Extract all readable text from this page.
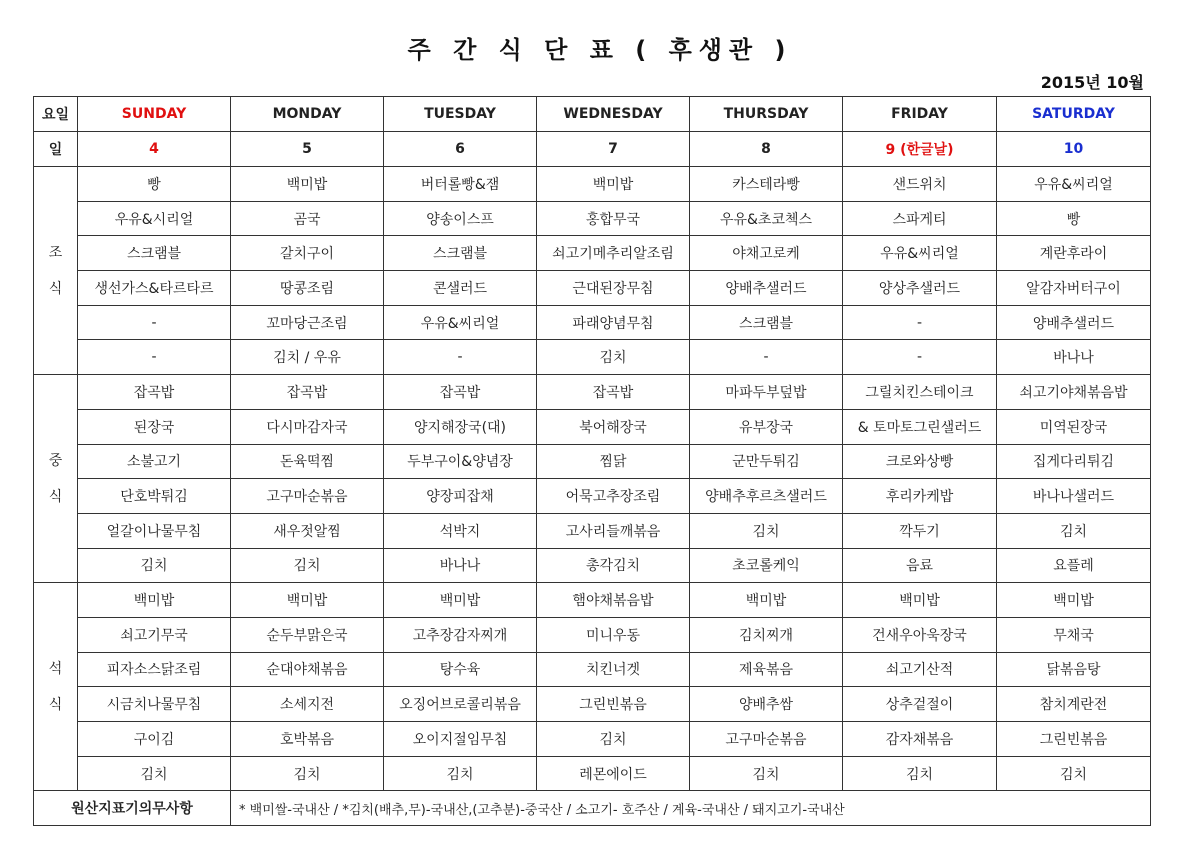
주 간 식 단 표 ( 후생관 )
2015년 10월
요일	SUNDAY	MONDAY	TUESDAY	WEDNESDAY	THURSDAY	FRIDAY	SATURDAY
일	4	5	6	7	8	9 (한글날)	10

조
식	빵	백미밥	버터롤빵&잼	백미밥	카스테라빵	샌드위치	우유&씨리얼
	우유&시리얼	곰국	양송이스프	홍합무국	우유&초코첵스	스파게티	빵
	스크램블	갈치구이	스크램블	쇠고기메추리알조림	야채고로케	우유&씨리얼	계란후라이
	생선가스&타르타르	땅콩조림	콘샐러드	근대된장무침	양배추샐러드	양상추샐러드	알감자버터구이
	-	꼬마당근조림	우유&씨리얼	파래양념무침	스크램블	-	양배추샐러드
	-	김치 / 우유	-	김치	-	-	바나나

중
식	잡곡밥	잡곡밥	잡곡밥	잡곡밥	마파두부덮밥	그릴치킨스테이크	쇠고기야채볶음밥
	된장국	다시마감자국	양지해장국(대)	북어해장국	유부장국	& 토마토그린샐러드	미역된장국
	소불고기	돈육떡찜	두부구이&양념장	찜닭	군만두튀김	크로와상빵	집게다리튀김
	단호박튀김	고구마순볶음	양장피잡채	어묵고추장조림	양배추후르츠샐러드	후리카케밥	바나나샐러드
	얼갈이나물무침	새우젓알찜	석박지	고사리들깨볶음	김치	깍두기	김치
	김치	김치	바나나	총각김치	초코롤케익	음료	요플레

석
식	백미밥	백미밥	백미밥	햄야채볶음밥	백미밥	백미밥	백미밥
	쇠고기무국	순두부맑은국	고추장감자찌개	미니우동	김치찌개	건새우아욱장국	무채국
	피자소스닭조림	순대야채볶음	탕수육	치킨너겟	제육볶음	쇠고기산적	닭볶음탕
	시금치나물무침	소세지전	오징어브로콜리볶음	그린빈볶음	양배추쌈	상추겉절이	참치계란전
	구이김	호박볶음	오이지절임무침	김치	고구마순볶음	감자채볶음	그린빈볶음
	김치	김치	김치	레몬에이드	김치	김치	김치
원산지표기의무사항		* 백미쌀-국내산 / *김치(배추,무)-국내산,(고추분)-중국산 / 소고기- 호주산 / 계육-국내산 / 돼지고기-국내산					
